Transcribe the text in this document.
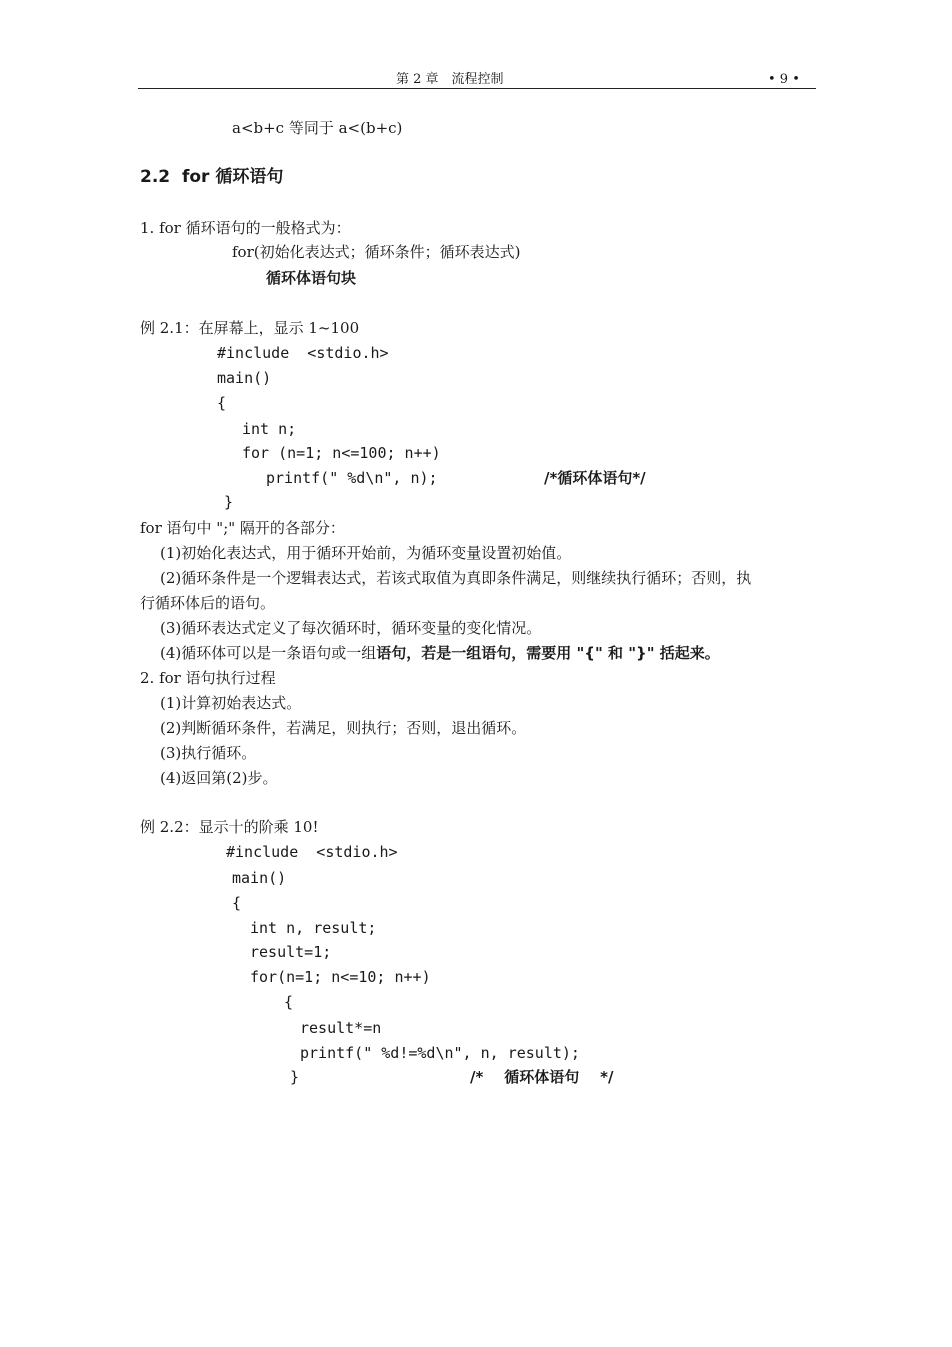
第 2 章　流程控制	• 9 •
a<b+c 等同于 a<(b+c)
2.2  for 循环语句
1. for 循环语句的一般格式为：
for(初始化表达式；循环条件；循环表达式)
循环体语句块
例 2.1：在屏幕上，显示 1~100
#include  <stdio.h>
main()
{
int n;
for (n=1; n<=100; n++)
printf(" %d\n", n);	/*循环体语句*/
}
for 语句中 ";" 隔开的各部分：
(1)初始化表达式，用于循环开始前，为循环变量设置初始值。
(2)循环条件是一个逻辑表达式，若该式取值为真即条件满足，则继续执行循环；否则，执
行循环体后的语句。
(3)循环表达式定义了每次循环时，循环变量的变化情况。
(4)循环体可以是一条语句或一组语句，若是一组语句，需要用 "{" 和 "}" 括起来。
2. for 语句执行过程
(1)计算初始表达式。
(2)判断循环条件，若满足，则执行；否则，退出循环。
(3)执行循环。
(4)返回第(2)步。
例 2.2：显示十的阶乘 10!
#include  <stdio.h>
main()
{
int n, result;
result=1;
for(n=1; n<=10; n++)
{
result*=n
printf(" %d!=%d\n", n, result);
}	/*    循环体语句    */
